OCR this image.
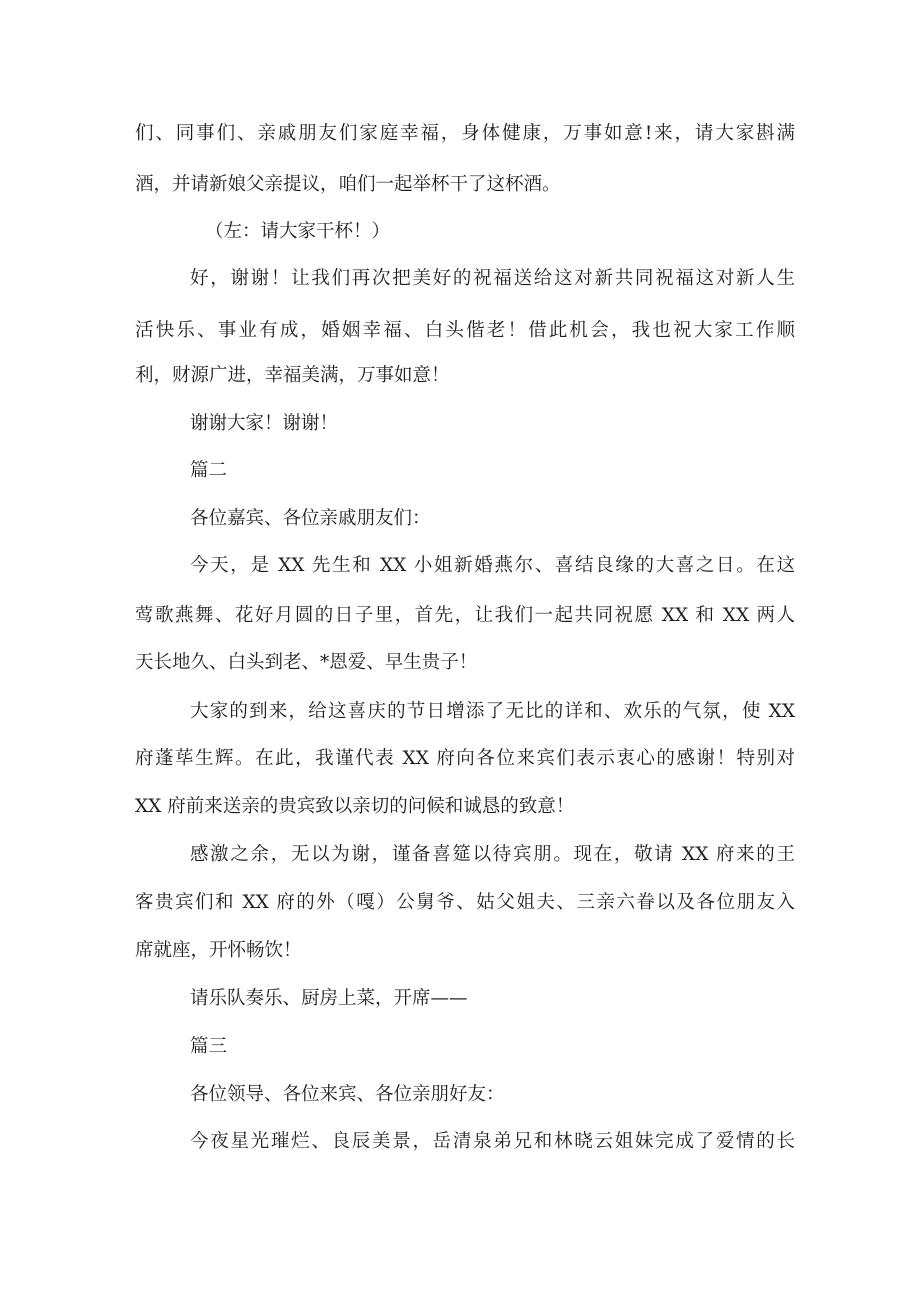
们、同事们、亲戚朋友们家庭幸福，身体健康，万事如意!来，请大家斟满
酒，并请新娘父亲提议，咱们一起举杯干了这杯酒。
（左：请大家干杯！）
好，谢谢！让我们再次把美好的祝福送给这对新共同祝福这对新人生
活快乐、事业有成，婚姻幸福、白头偕老！借此机会，我也祝大家工作顺
利，财源广进，幸福美满，万事如意！
谢谢大家！谢谢！
篇二
各位嘉宾、各位亲戚朋友们：
今天，是 XX 先生和 XX 小姐新婚燕尔、喜结良缘的大喜之日。在这
莺歌燕舞、花好月圆的日子里，首先，让我们一起共同祝愿 XX 和 XX 两人
天长地久、白头到老、*恩爱、早生贵子！
大家的到来，给这喜庆的节日增添了无比的详和、欢乐的气氛，使 XX
府蓬荜生辉。在此，我谨代表 XX 府向各位来宾们表示衷心的感谢！特别对
XX 府前来送亲的贵宾致以亲切的问候和诚恳的致意！
感激之余，无以为谢，谨备喜筵以待宾朋。现在，敬请 XX 府来的王
客贵宾们和 XX 府的外（嘎）公舅爷、姑父姐夫、三亲六眷以及各位朋友入
席就座，开怀畅饮！
请乐队奏乐、厨房上菜，开席——
篇三
各位领导、各位来宾、各位亲朋好友：
今夜星光璀烂、良辰美景，岳清泉弟兄和林晓云姐妹完成了爱情的长
